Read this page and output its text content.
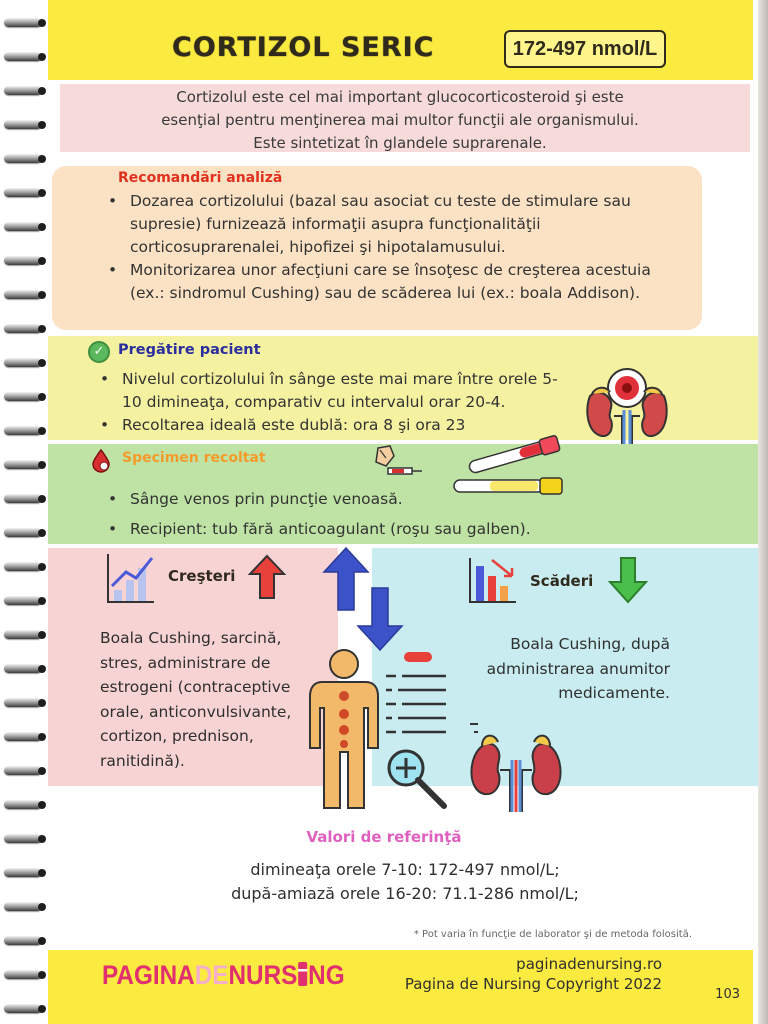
CORTIZOL SERIC	172-497 nmol/L
Cortizolul este cel mai important glucocorticosteroid şi este
esenţial pentru menţinerea mai multor funcţii ale organismului.
Este sintetizat în glandele suprarenale.
Recomandări analiză
• Dozarea cortizolului (bazal sau asociat cu teste de stimulare sau supresie) furnizează informaţii asupra funcţionalităţii corticosuprarenalei, hipofizei şi hipotalamusului.
• Monitorizarea unor afecţiuni care se însoţesc de creşterea acestuia (ex.: sindromul Cushing) sau de scăderea lui (ex.: boala Addison).
✓ Pregătire pacient
• Nivelul cortizolului în sânge este mai mare între orele 5-10 dimineaţa, comparativ cu intervalul orar 20-4.
• Recoltarea ideală este dublă: ora 8 şi ora 23
Specimen recoltat
• Sânge venos prin puncţie venoasă.
• Recipient: tub fără anticoagulant (roşu sau galben).
Creşteri	Scăderi
Boala Cushing, sarcină, stres, administrare de estrogeni (contraceptive orale, anticonvulsivante, cortizon, prednison, ranitidină).
Boala Cushing, după administrarea anumitor medicamente.
Valori de referinţă
dimineaţa orele 7-10: 172-497 nmol/L;
după-amiază orele 16-20: 71.1-286 nmol/L;
* Pot varia în funcţie de laborator şi de metoda folosită.
PAGINADENURS NG	paginadenursing.ro
Pagina de Nursing Copyright 2022
103
